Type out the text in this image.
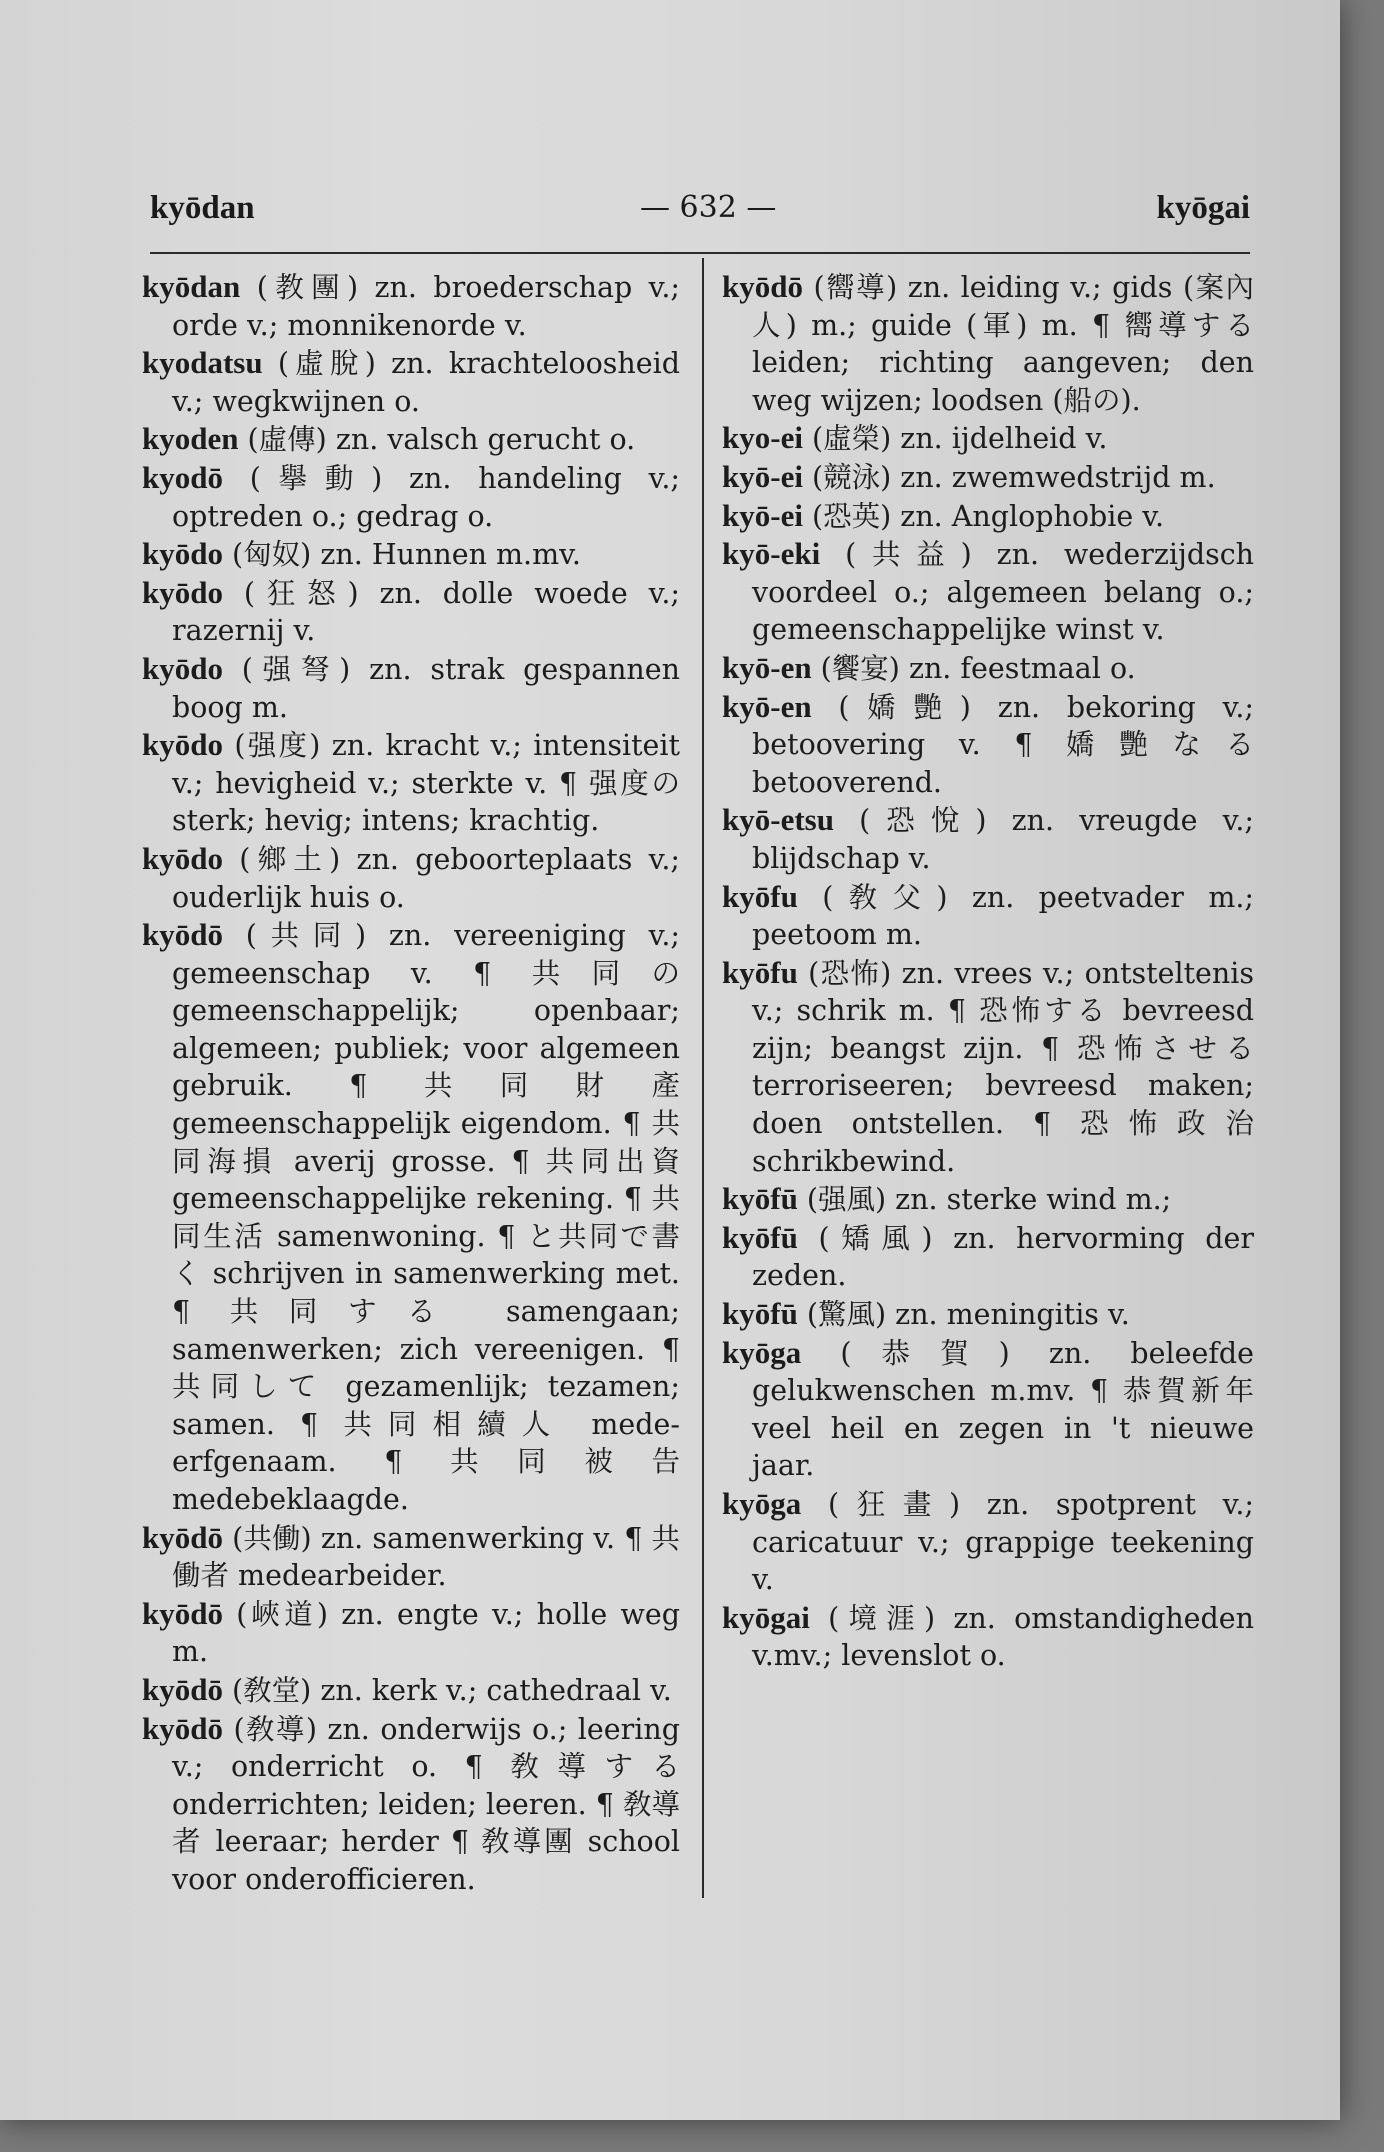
kyōdan	— 632 —	kyōgai

kyōdan (教團) zn. broederschap v.; orde v.; monnikenorde v.

kyodatsu (虛脫) zn. krachteloosheid v.; wegkwijnen o.

kyoden (虛傳) zn. valsch gerucht o.

kyodō (擧動) zn. handeling v.; optreden o.; gedrag o.

kyōdo (匈奴) zn. Hunnen m.mv.

kyōdo (狂怒) zn. dolle woede v.; razernij v.

kyōdo (强弩) zn. strak gespannen boog m.

kyōdo (强度) zn. kracht v.; intensiteit v.; hevigheid v.; sterkte v. ¶ 强度の sterk; hevig; intens; krachtig.

kyōdo (鄉土) zn. geboorteplaats v.; ouderlijk huis o.

kyōdō (共同) zn. vereeniging v.; gemeenschap v. ¶ 共同の gemeenschappelijk; openbaar; algemeen; publiek; voor algemeen gebruik. ¶ 共同財產 gemeenschappelijk eigendom. ¶ 共同海損 averij grosse. ¶ 共同出資 gemeenschappelijke rekening. ¶ 共同生活 samenwoning. ¶ と共同で書く schrijven in samenwerking met. ¶ 共同する samengaan; samenwerken; zich vereenigen. ¶ 共同して gezamenlijk; tezamen; samen. ¶ 共同相續人 mede-erfgenaam. ¶ 共同被告 medebeklaagde.

kyōdō (共働) zn. samenwerking v. ¶ 共働者 medearbeider.

kyōdō (峽道) zn. engte v.; holle weg m.

kyōdō (敎堂) zn. kerk v.; cathedraal v.

kyōdō (敎導) zn. onderwijs o.; leering v.; onderricht o. ¶ 敎導する onderrichten; leiden; leeren. ¶ 敎導者 leeraar; herder ¶ 敎導團 school voor onderofficieren.

kyōdō (嚮導) zn. leiding v.; gids (案內人) m.; guide (軍) m. ¶ 嚮導する leiden; richting aangeven; den weg wijzen; loodsen (船の).

kyo-ei (虛榮) zn. ijdelheid v.

kyō-ei (競泳) zn. zwemwedstrijd m.

kyō-ei (恐英) zn. Anglophobie v.

kyō-eki (共益) zn. wederzijdsch voordeel o.; algemeen belang o.; gemeenschappelijke winst v.

kyō-en (饗宴) zn. feestmaal o.

kyō-en (嬌艷) zn. bekoring v.; betoovering v. ¶ 嬌艷なる betooverend.

kyō-etsu (恐悅) zn. vreugde v.; blijdschap v.

kyōfu (敎父) zn. peetvader m.; peetoom m.

kyōfu (恐怖) zn. vrees v.; ontsteltenis v.; schrik m. ¶ 恐怖する bevreesd zijn; beangst zijn. ¶ 恐怖させる terroriseeren; bevreesd maken; doen ontstellen. ¶ 恐怖政治 schrikbewind.

kyōfū (强風) zn. sterke wind m.;

kyōfū (矯風) zn. hervorming der zeden.

kyōfū (驚風) zn. meningitis v.

kyōga (恭賀) zn. beleefde gelukwenschen m.mv. ¶ 恭賀新年 veel heil en zegen in 't nieuwe jaar.

kyōga (狂畫) zn. spotprent v.; caricatuur v.; grappige teekening v.

kyōgai (境涯) zn. omstandigheden v.mv.; levenslot o.
